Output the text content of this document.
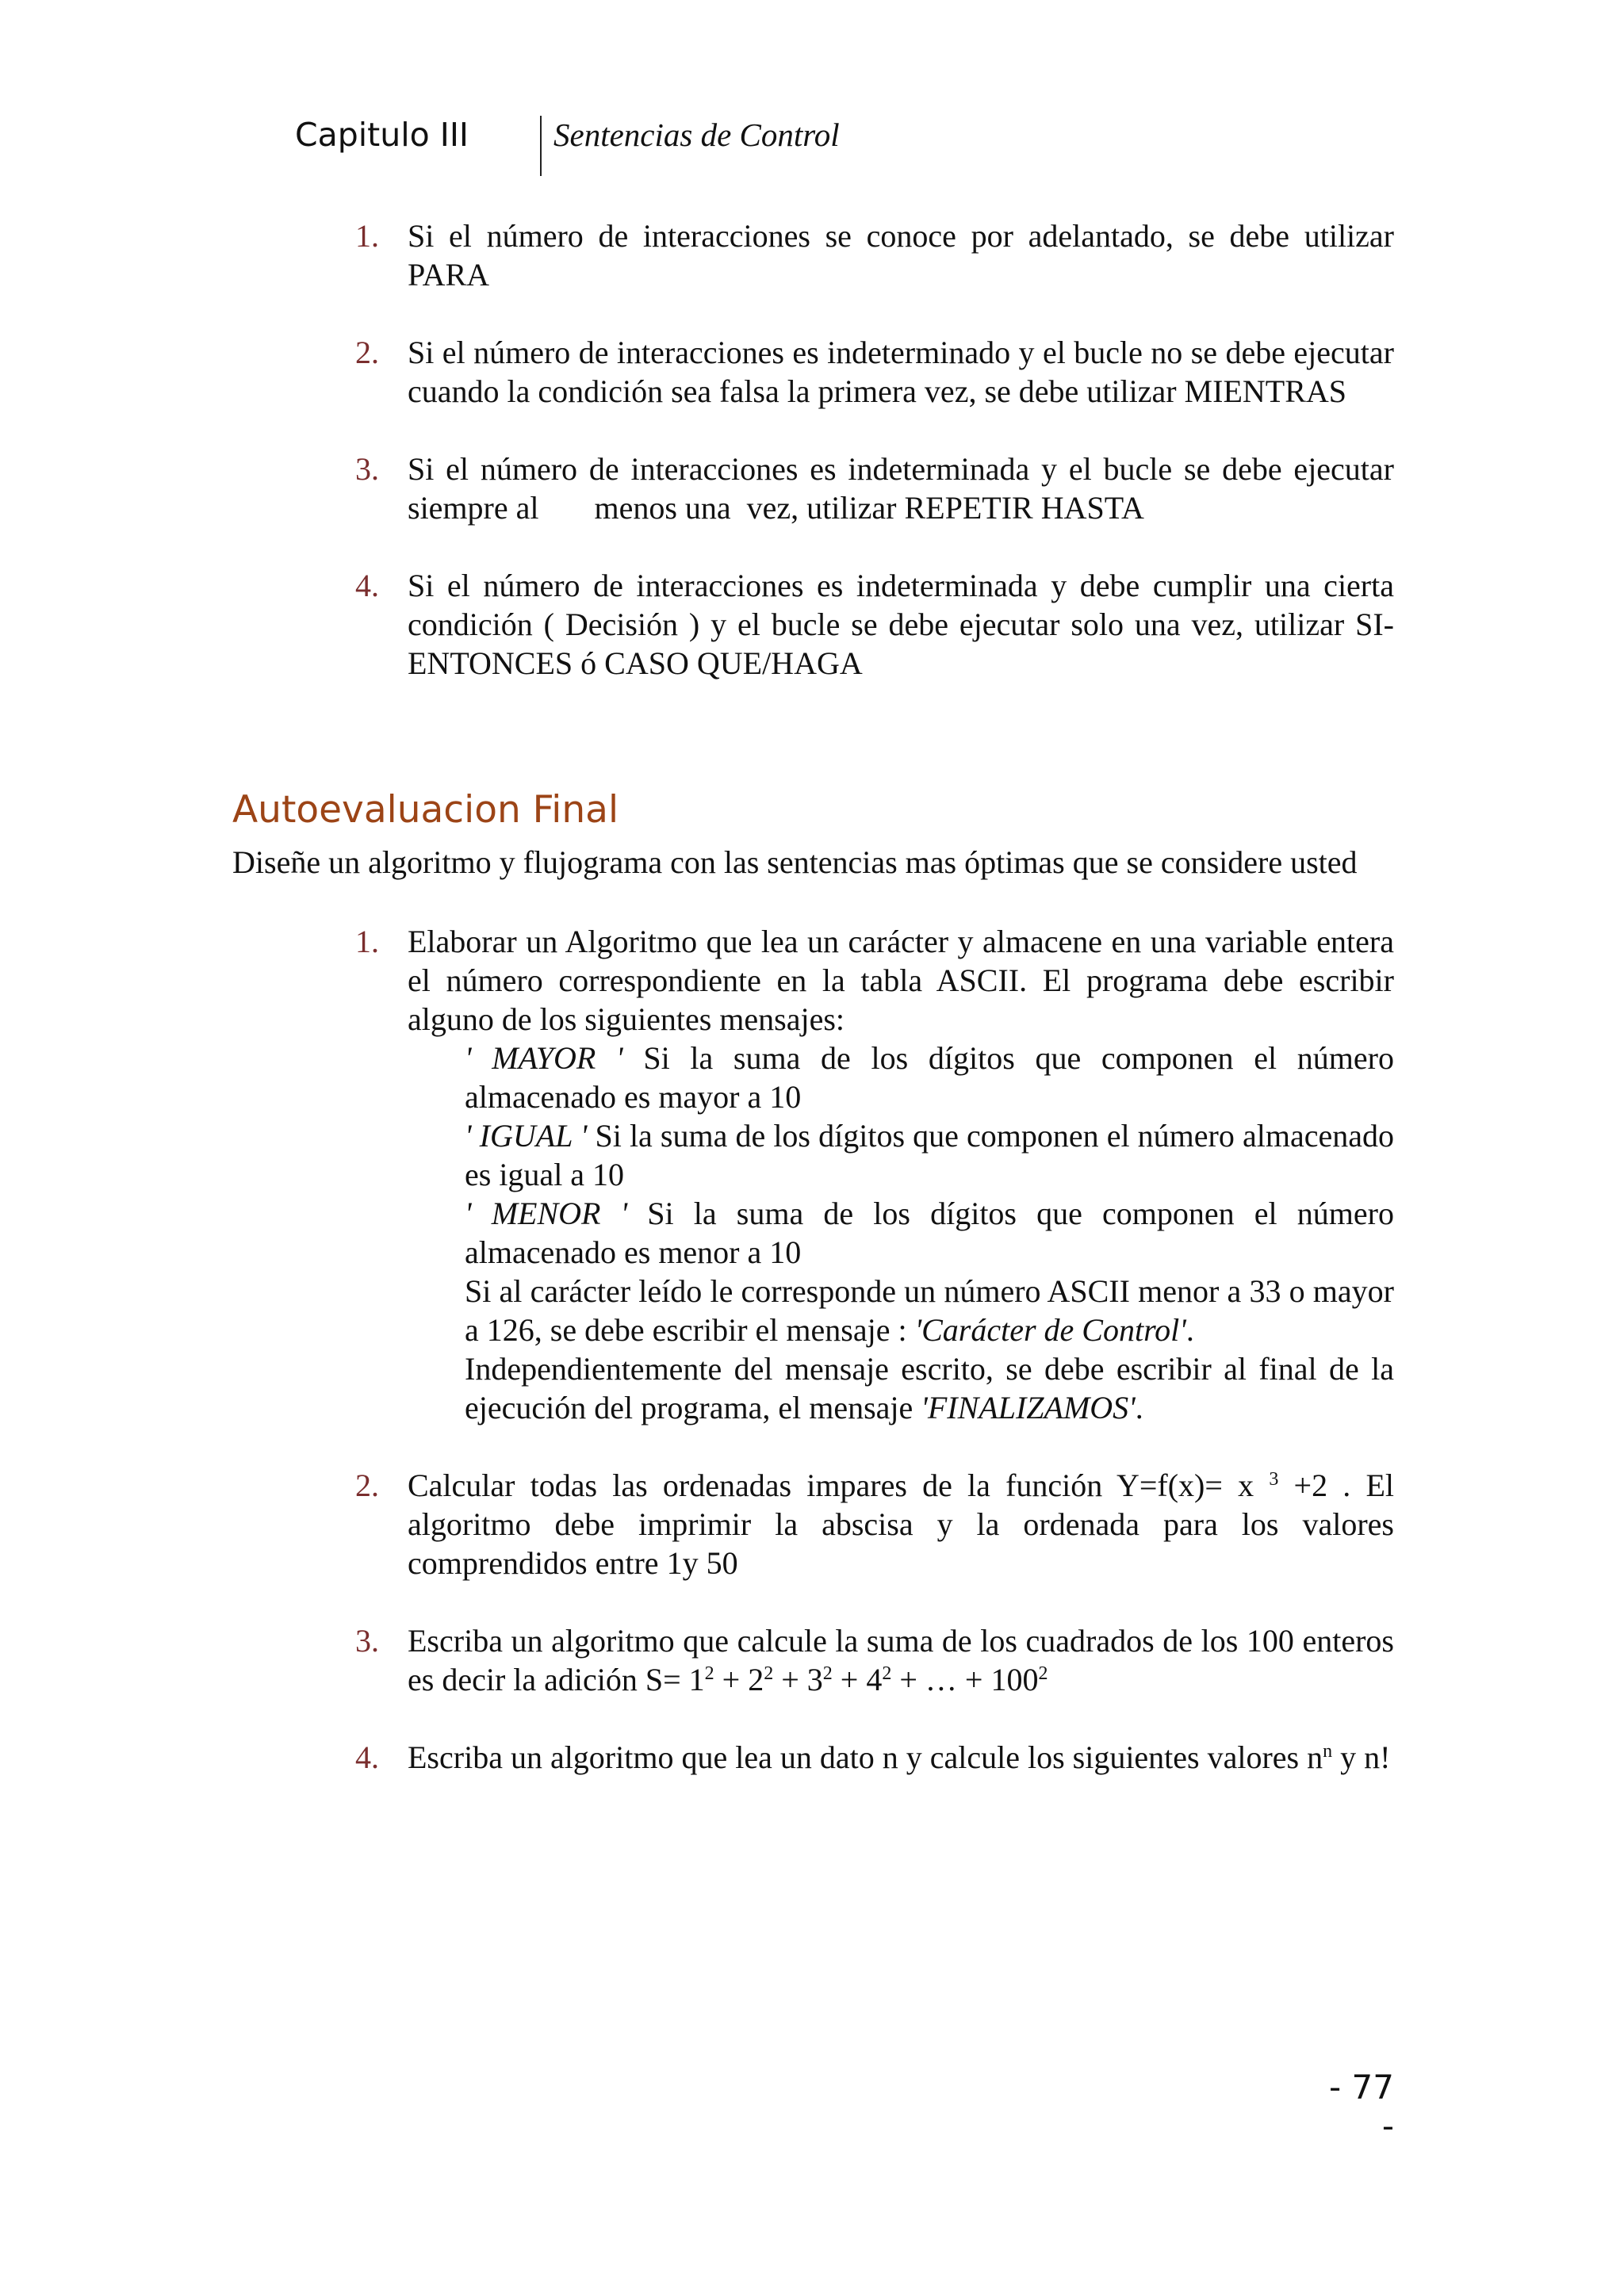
Capitulo III	Sentencias de Control
1. Si el número de interacciones se conoce por adelantado, se debe utilizar PARA
2. Si el número de interacciones es indeterminado y el bucle no se debe ejecutar cuando la condición sea falsa la primera vez, se debe utilizar MIENTRAS
3. Si el número de interacciones es indeterminada y el bucle se debe ejecutar siempre al       menos una  vez, utilizar REPETIR HASTA
4. Si el número de interacciones es indeterminada y debe cumplir una cierta condición ( Decisión ) y el bucle se debe ejecutar solo una vez, utilizar SI-ENTONCES ó CASO QUE/HAGA
Autoevaluacion Final
Diseñe un algoritmo y flujograma con las sentencias mas óptimas que se considere usted
1. Elaborar un Algoritmo que lea un carácter y almacene en una variable entera el número correspondiente en la tabla ASCII. El programa debe escribir alguno de los siguientes mensajes:
' MAYOR ' Si la suma de los dígitos que componen el número almacenado es mayor a 10
' IGUAL ' Si la suma de los dígitos que componen el número almacenado es igual a 10
' MENOR ' Si la suma de los dígitos que componen el número almacenado es menor a 10
Si al carácter leído le corresponde un número ASCII menor a 33 o mayor a 126, se debe escribir el mensaje : 'Carácter de Control'.
Independientemente del mensaje escrito, se debe escribir al final de la ejecución del programa, el mensaje 'FINALIZAMOS'.
2. Calcular todas las ordenadas impares de la función Y=f(x)= x $^3$ +2 . El algoritmo debe imprimir la abscisa y la ordenada para los valores comprendidos entre 1y 50
3. Escriba un algoritmo que calcule la suma de los cuadrados de los 100 enteros es decir la adición $S= 1^2 + 2^2 + 3^2 + 4^2$ + … + $100^2$
4. Escriba un algoritmo que lea un dato n y calcule los siguientes valores $n^n$ y n!
- 77 -
